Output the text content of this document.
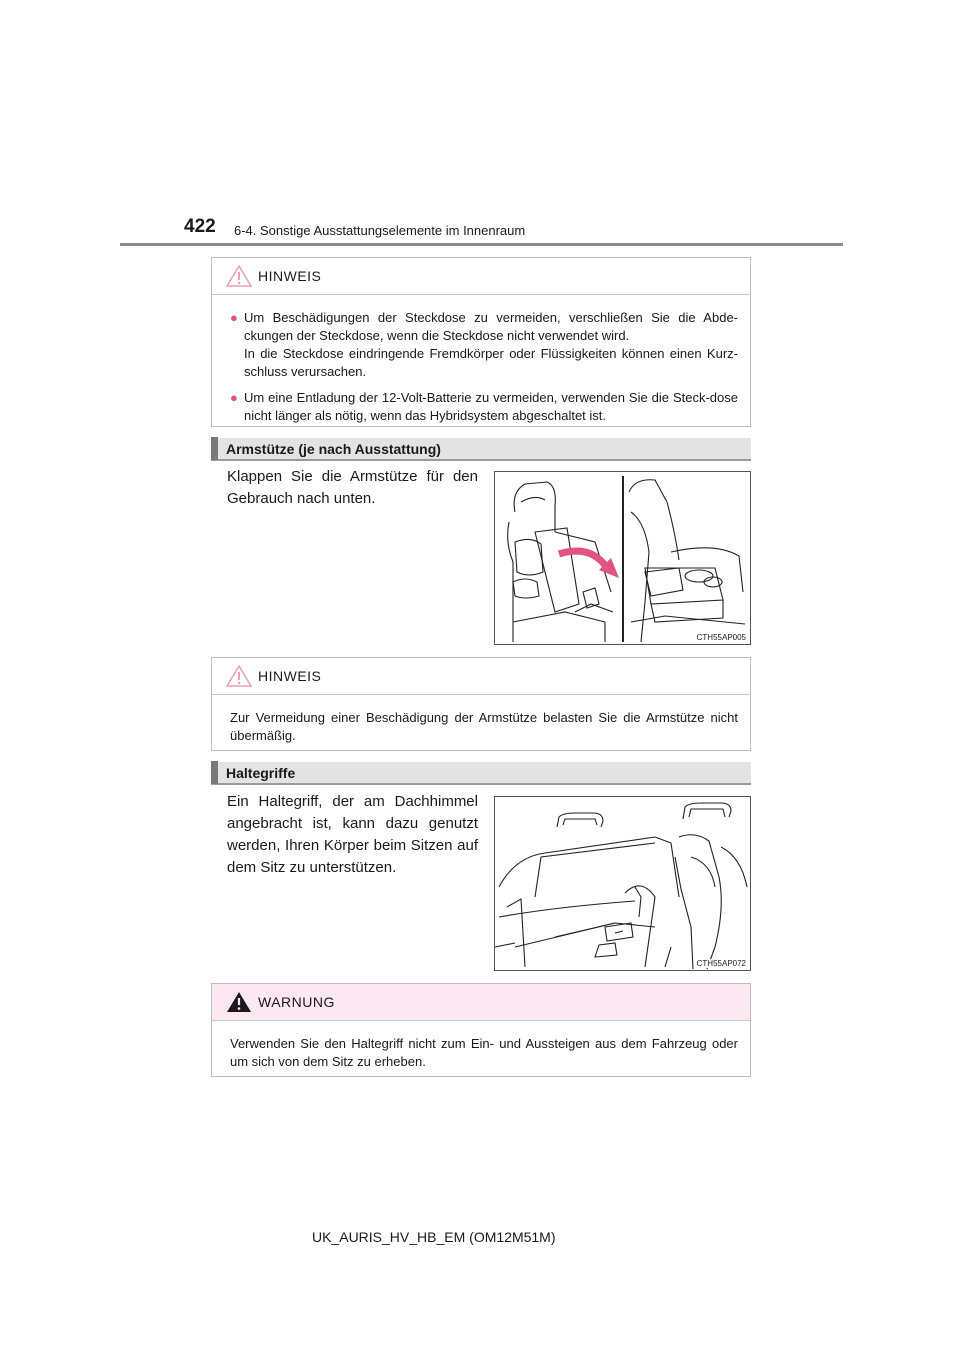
422 6-4. Sonstige Ausstattungselemente im Innenraum
HINWEIS
● Um Beschädigungen der Steckdose zu vermeiden, verschließen Sie die Abde-ckungen der Steckdose, wenn die Steckdose nicht verwendet wird.

In die Steckdose eindringende Fremdkörper oder Flüssigkeiten können einen Kurz-schluss verursachen.

● Um eine Entladung der 12-Volt-Batterie zu vermeiden, verwenden Sie die Steck-dose nicht länger als nötig, wenn das Hybridsystem abgeschaltet ist.

Armstütze (je nach Ausstattung)
Klappen Sie die Armstütze für den Gebrauch nach unten.
CTH55AP005
HINWEIS

Zur Vermeidung einer Beschädigung der Armstütze belasten Sie die Armstütze nicht übermäßig.

Haltegriffe
Ein Haltegriff, der am Dachhimmel angebracht ist, kann dazu genutzt werden, Ihren Körper beim Sitzen auf dem Sitz zu unterstützen.
CTH55AP072
WARNUNG

Verwenden Sie den Haltegriff nicht zum Ein- und Aussteigen aus dem Fahrzeug oder um sich von dem Sitz zu erheben.

UK_AURIS_HV_HB_EM (OM12M51M)
